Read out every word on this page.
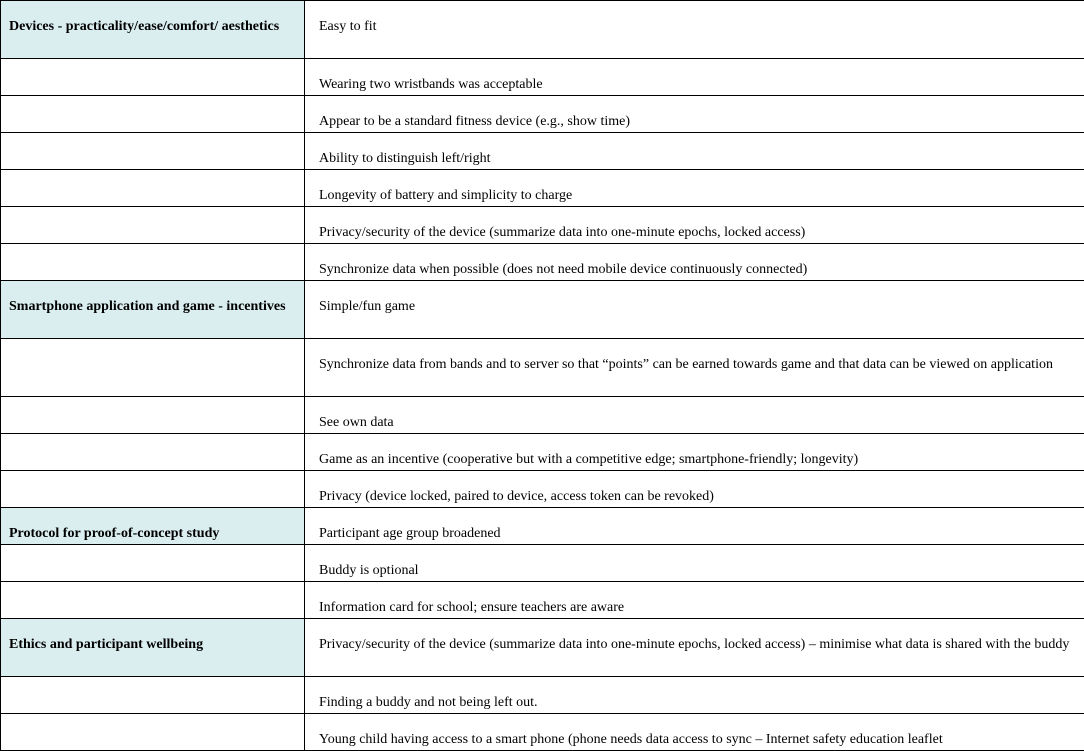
Devices - practicality/ease/comfort/ aesthetics	Easy to fit
	Wearing two wristbands was acceptable
	Appear to be a standard fitness device (e.g., show time)
	Ability to distinguish left/right
	Longevity of battery and simplicity to charge
	Privacy/security of the device (summarize data into one-minute epochs, locked access)
	Synchronize data when possible (does not need mobile device continuously connected)
Smartphone application and game - incentives	Simple/fun game
	Synchronize data from bands and to server so that “points” can be earned towards game and that data can be viewed on application
	See own data
	Game as an incentive (cooperative but with a competitive edge; smartphone-friendly; longevity)
	Privacy (device locked, paired to device, access token can be revoked)
Protocol for proof-of-concept study	Participant age group broadened
	Buddy is optional
	Information card for school; ensure teachers are aware
Ethics and participant wellbeing	Privacy/security of the device (summarize data into one-minute epochs, locked access) – minimise what data is shared with the buddy
	Finding a buddy and not being left out.
	Young child having access to a smart phone (phone needs data access to sync – Internet safety education leaflet
